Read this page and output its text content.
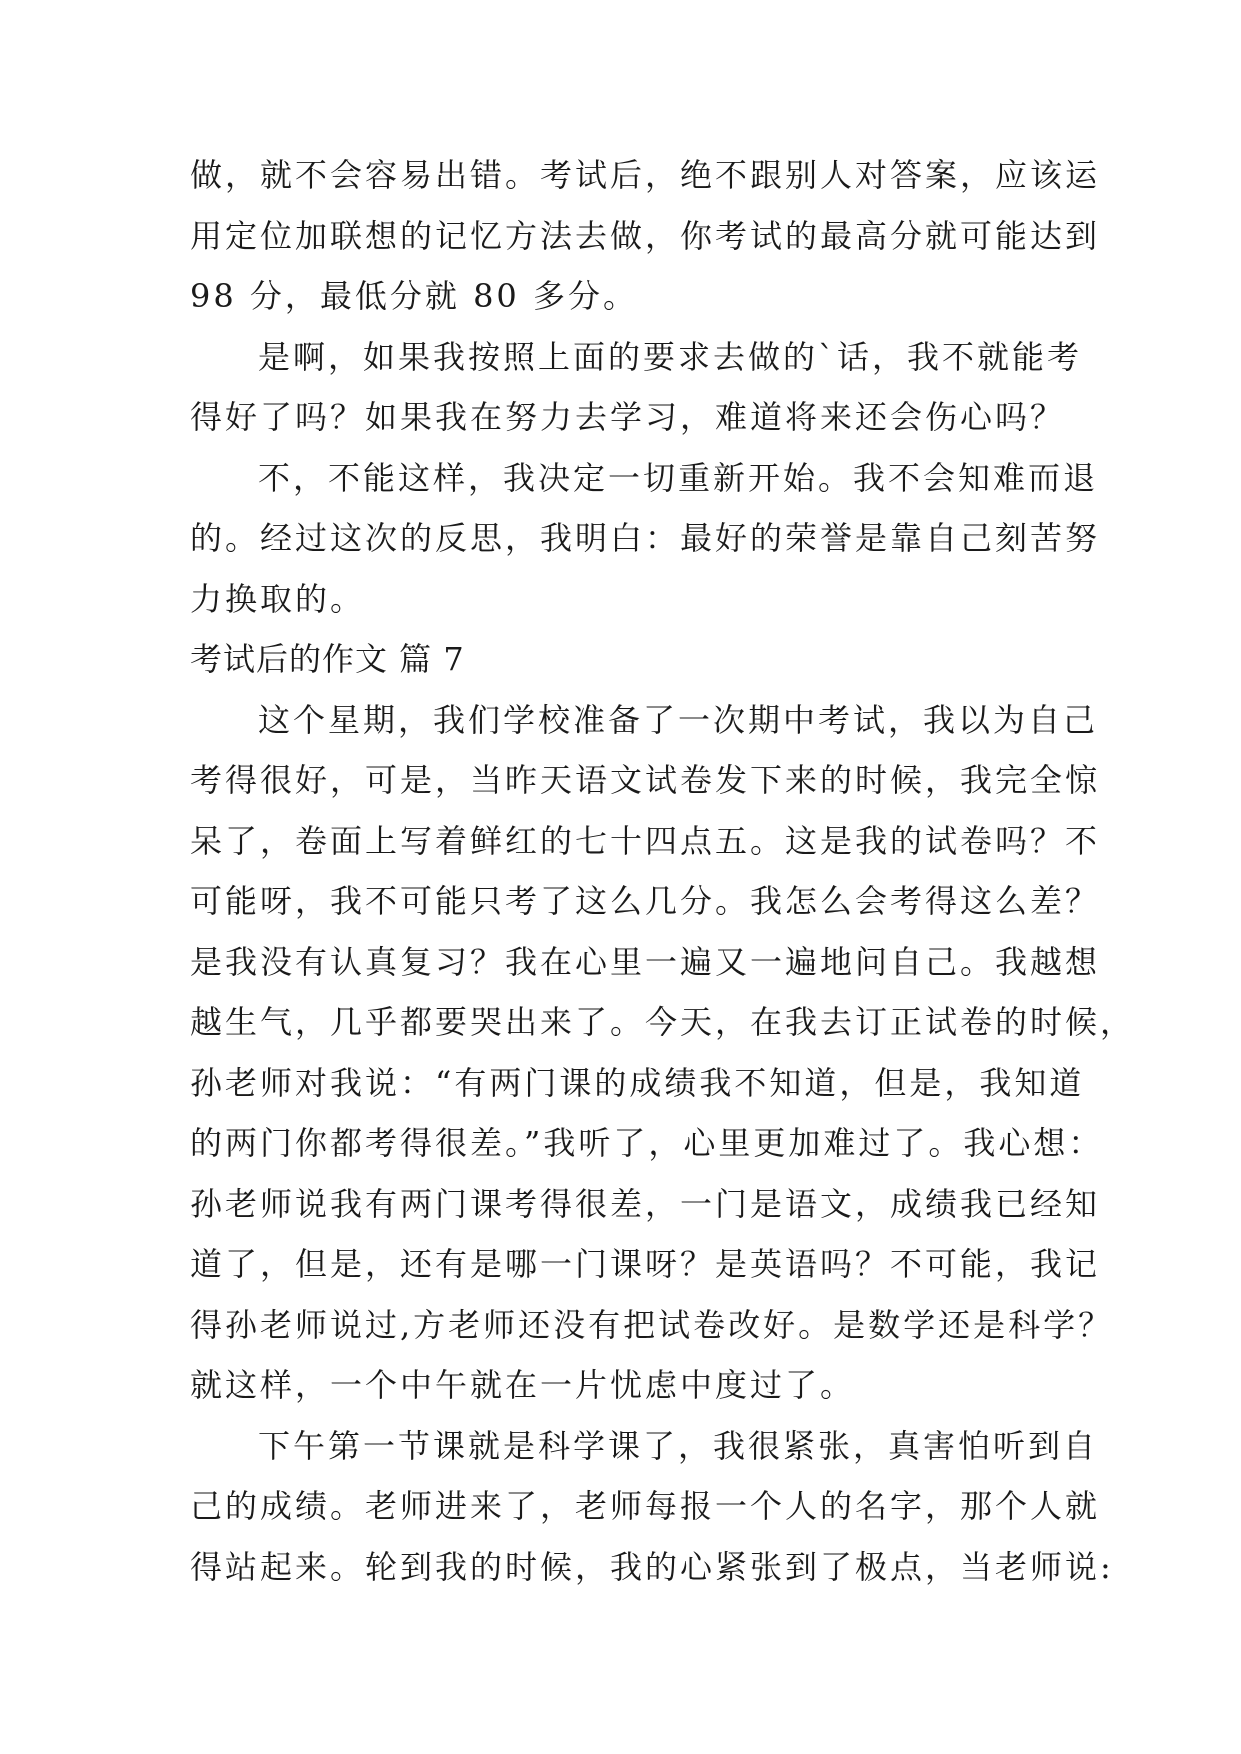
做，就不会容易出错。考试后，绝不跟别人对答案，应该运
用定位加联想的记忆方法去做，你考试的最高分就可能达到
98 分，最低分就 80 多分。
是啊，如果我按照上面的要求去做的`话，我不就能考
得好了吗？如果我在努力去学习，难道将来还会伤心吗？
不，不能这样，我决定一切重新开始。我不会知难而退
的。经过这次的反思，我明白：最好的荣誉是靠自己刻苦努
力换取的。
考试后的作文 篇 7
这个星期，我们学校准备了一次期中考试，我以为自己
考得很好，可是，当昨天语文试卷发下来的时候，我完全惊
呆了，卷面上写着鲜红的七十四点五。这是我的试卷吗？不
可能呀，我不可能只考了这么几分。我怎么会考得这么差？
是我没有认真复习？我在心里一遍又一遍地问自己。我越想
越生气，几乎都要哭出来了。今天，在我去订正试卷的时候，
孙老师对我说：“有两门课的成绩我不知道，但是，我知道
的两门你都考得很差。”我听了，心里更加难过了。我心想：
孙老师说我有两门课考得很差，一门是语文，成绩我已经知
道了，但是，还有是哪一门课呀？是英语吗？不可能，我记
得孙老师说过,方老师还没有把试卷改好。是数学还是科学？
就这样，一个中午就在一片忧虑中度过了。
下午第一节课就是科学课了，我很紧张，真害怕听到自
己的成绩。老师进来了，老师每报一个人的名字，那个人就
得站起来。轮到我的时候，我的心紧张到了极点，当老师说:
